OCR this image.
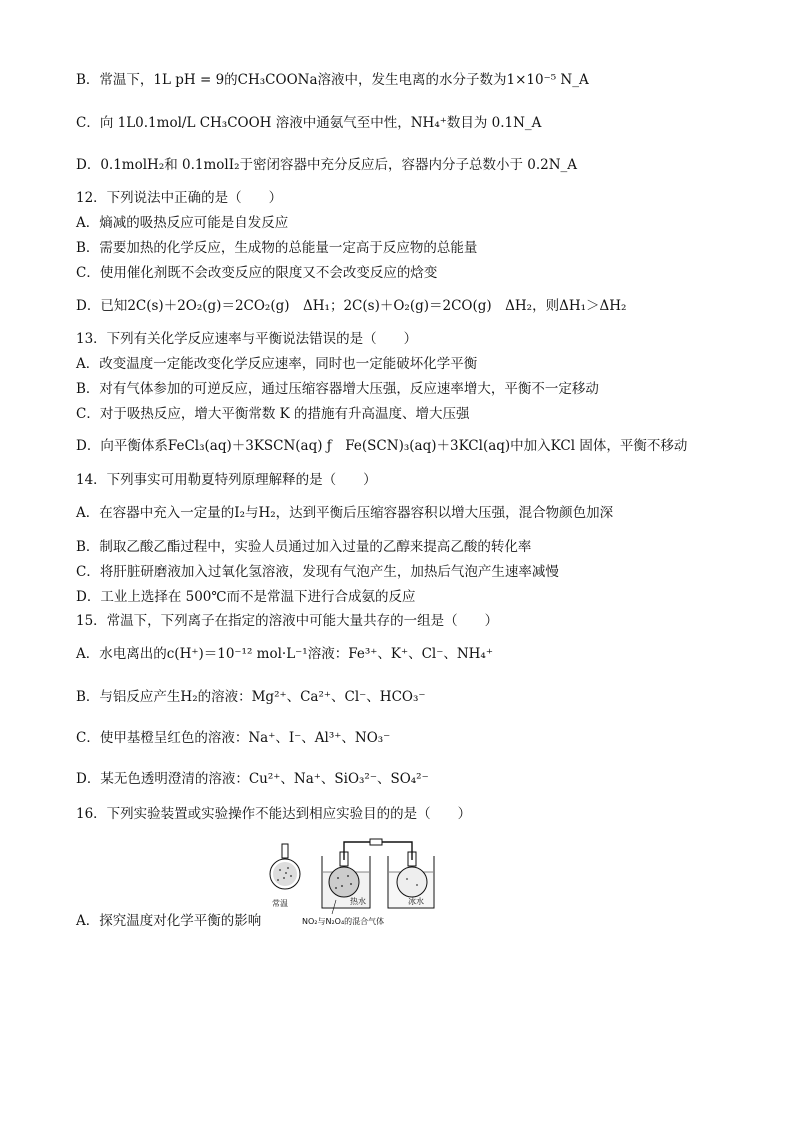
B．常温下，1L pH = 9的CH₃COONa溶液中，发生电离的水分子数为1×10⁻⁵ N_A
C．向 1L0.1mol/L CH₃COOH 溶液中通氨气至中性，NH₄⁺数目为 0.1N_A
D．0.1molH₂和 0.1molI₂于密闭容器中充分反应后，容器内分子总数小于 0.2N_A
12．下列说法中正确的是（　　）
A．熵减的吸热反应可能是自发反应
B．需要加热的化学反应，生成物的总能量一定高于反应物的总能量
C．使用催化剂既不会改变反应的限度又不会改变反应的焓变
D．已知2C(s)＋2O₂(g)＝2CO₂(g)　ΔH₁；2C(s)＋O₂(g)＝2CO(g)　ΔH₂，则ΔH₁＞ΔH₂
13．下列有关化学反应速率与平衡说法错误的是（　　）
A．改变温度一定能改变化学反应速率，同时也一定能破坏化学平衡
B．对有气体参加的可逆反应，通过压缩容器增大压强，反应速率增大，平衡不一定移动
C．对于吸热反应，增大平衡常数 K 的措施有升高温度、增大压强
D．向平衡体系FeCl₃(aq)＋3KSCN(aq) ƒ　Fe(SCN)₃(aq)＋3KCl(aq)中加入KCl 固体，平衡不移动
14．下列事实可用勒夏特列原理解释的是（　　）
A．在容器中充入一定量的I₂与H₂，达到平衡后压缩容器容积以增大压强，混合物颜色加深
B．制取乙酸乙酯过程中，实验人员通过加入过量的乙醇来提高乙酸的转化率
C．将肝脏研磨液加入过氧化氢溶液，发现有气泡产生，加热后气泡产生速率减慢
D．工业上选择在 500℃而不是常温下进行合成氨的反应
15．常温下，下列离子在指定的溶液中可能大量共存的一组是（　　）
A．水电离出的c(H⁺)＝10⁻¹² mol·L⁻¹溶液：Fe³⁺、K⁺、Cl⁻、NH₄⁺
B．与铝反应产生H₂的溶液：Mg²⁺、Ca²⁺、Cl⁻、HCO₃⁻
C．使甲基橙呈红色的溶液：Na⁺、I⁻、Al³⁺、NO₃⁻
D．某无色透明澄清的溶液：Cu²⁺、Na⁺、SiO₃²⁻、SO₄²⁻
16．下列实验装置或实验操作不能达到相应实验目的的是（　　）
A．探究温度对化学平衡的影响
常温	热水	冰水
NO₂与N₂O₄的混合气体
